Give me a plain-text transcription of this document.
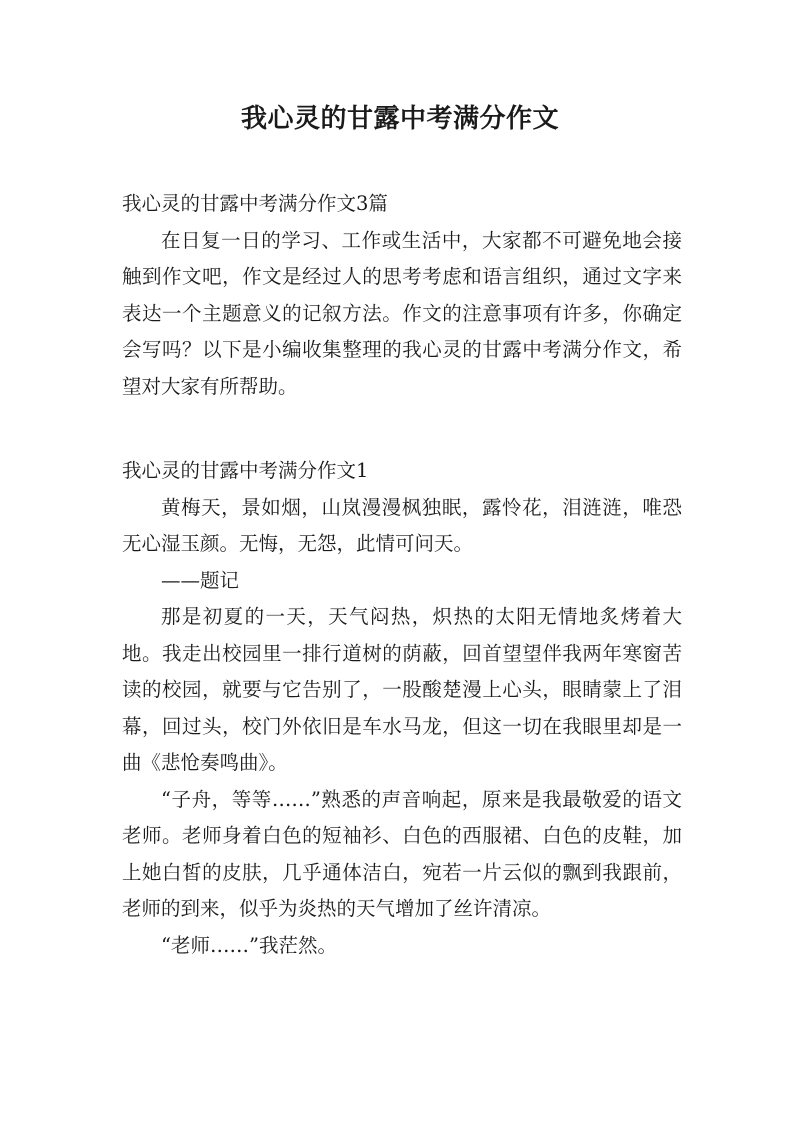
我心灵的甘露中考满分作文

我心灵的甘露中考满分作文3篇

在日复一日的学习、工作或生活中，大家都不可避免地会接触到作文吧，作文是经过人的思考考虑和语言组织，通过文字来表达一个主题意义的记叙方法。作文的注意事项有许多，你确定会写吗？以下是小编收集整理的我心灵的甘露中考满分作文，希望对大家有所帮助。

我心灵的甘露中考满分作文1

黄梅天，景如烟，山岚漫漫枫独眠，露怜花，泪涟涟，唯恐无心湿玉颜。无悔，无怨，此情可问天。

——题记

那是初夏的一天，天气闷热，炽热的太阳无情地炙烤着大地。我走出校园里一排行道树的荫蔽，回首望望伴我两年寒窗苦读的校园，就要与它告别了，一股酸楚漫上心头，眼睛蒙上了泪幕，回过头，校门外依旧是车水马龙，但这一切在我眼里却是一曲《悲怆奏鸣曲》。

“子舟，等等……”熟悉的声音响起，原来是我最敬爱的语文老师。老师身着白色的短袖衫、白色的西服裙、白色的皮鞋，加上她白皙的皮肤，几乎通体洁白，宛若一片云似的飘到我跟前，老师的到来，似乎为炎热的天气增加了丝许清凉。

“老师……”我茫然。
